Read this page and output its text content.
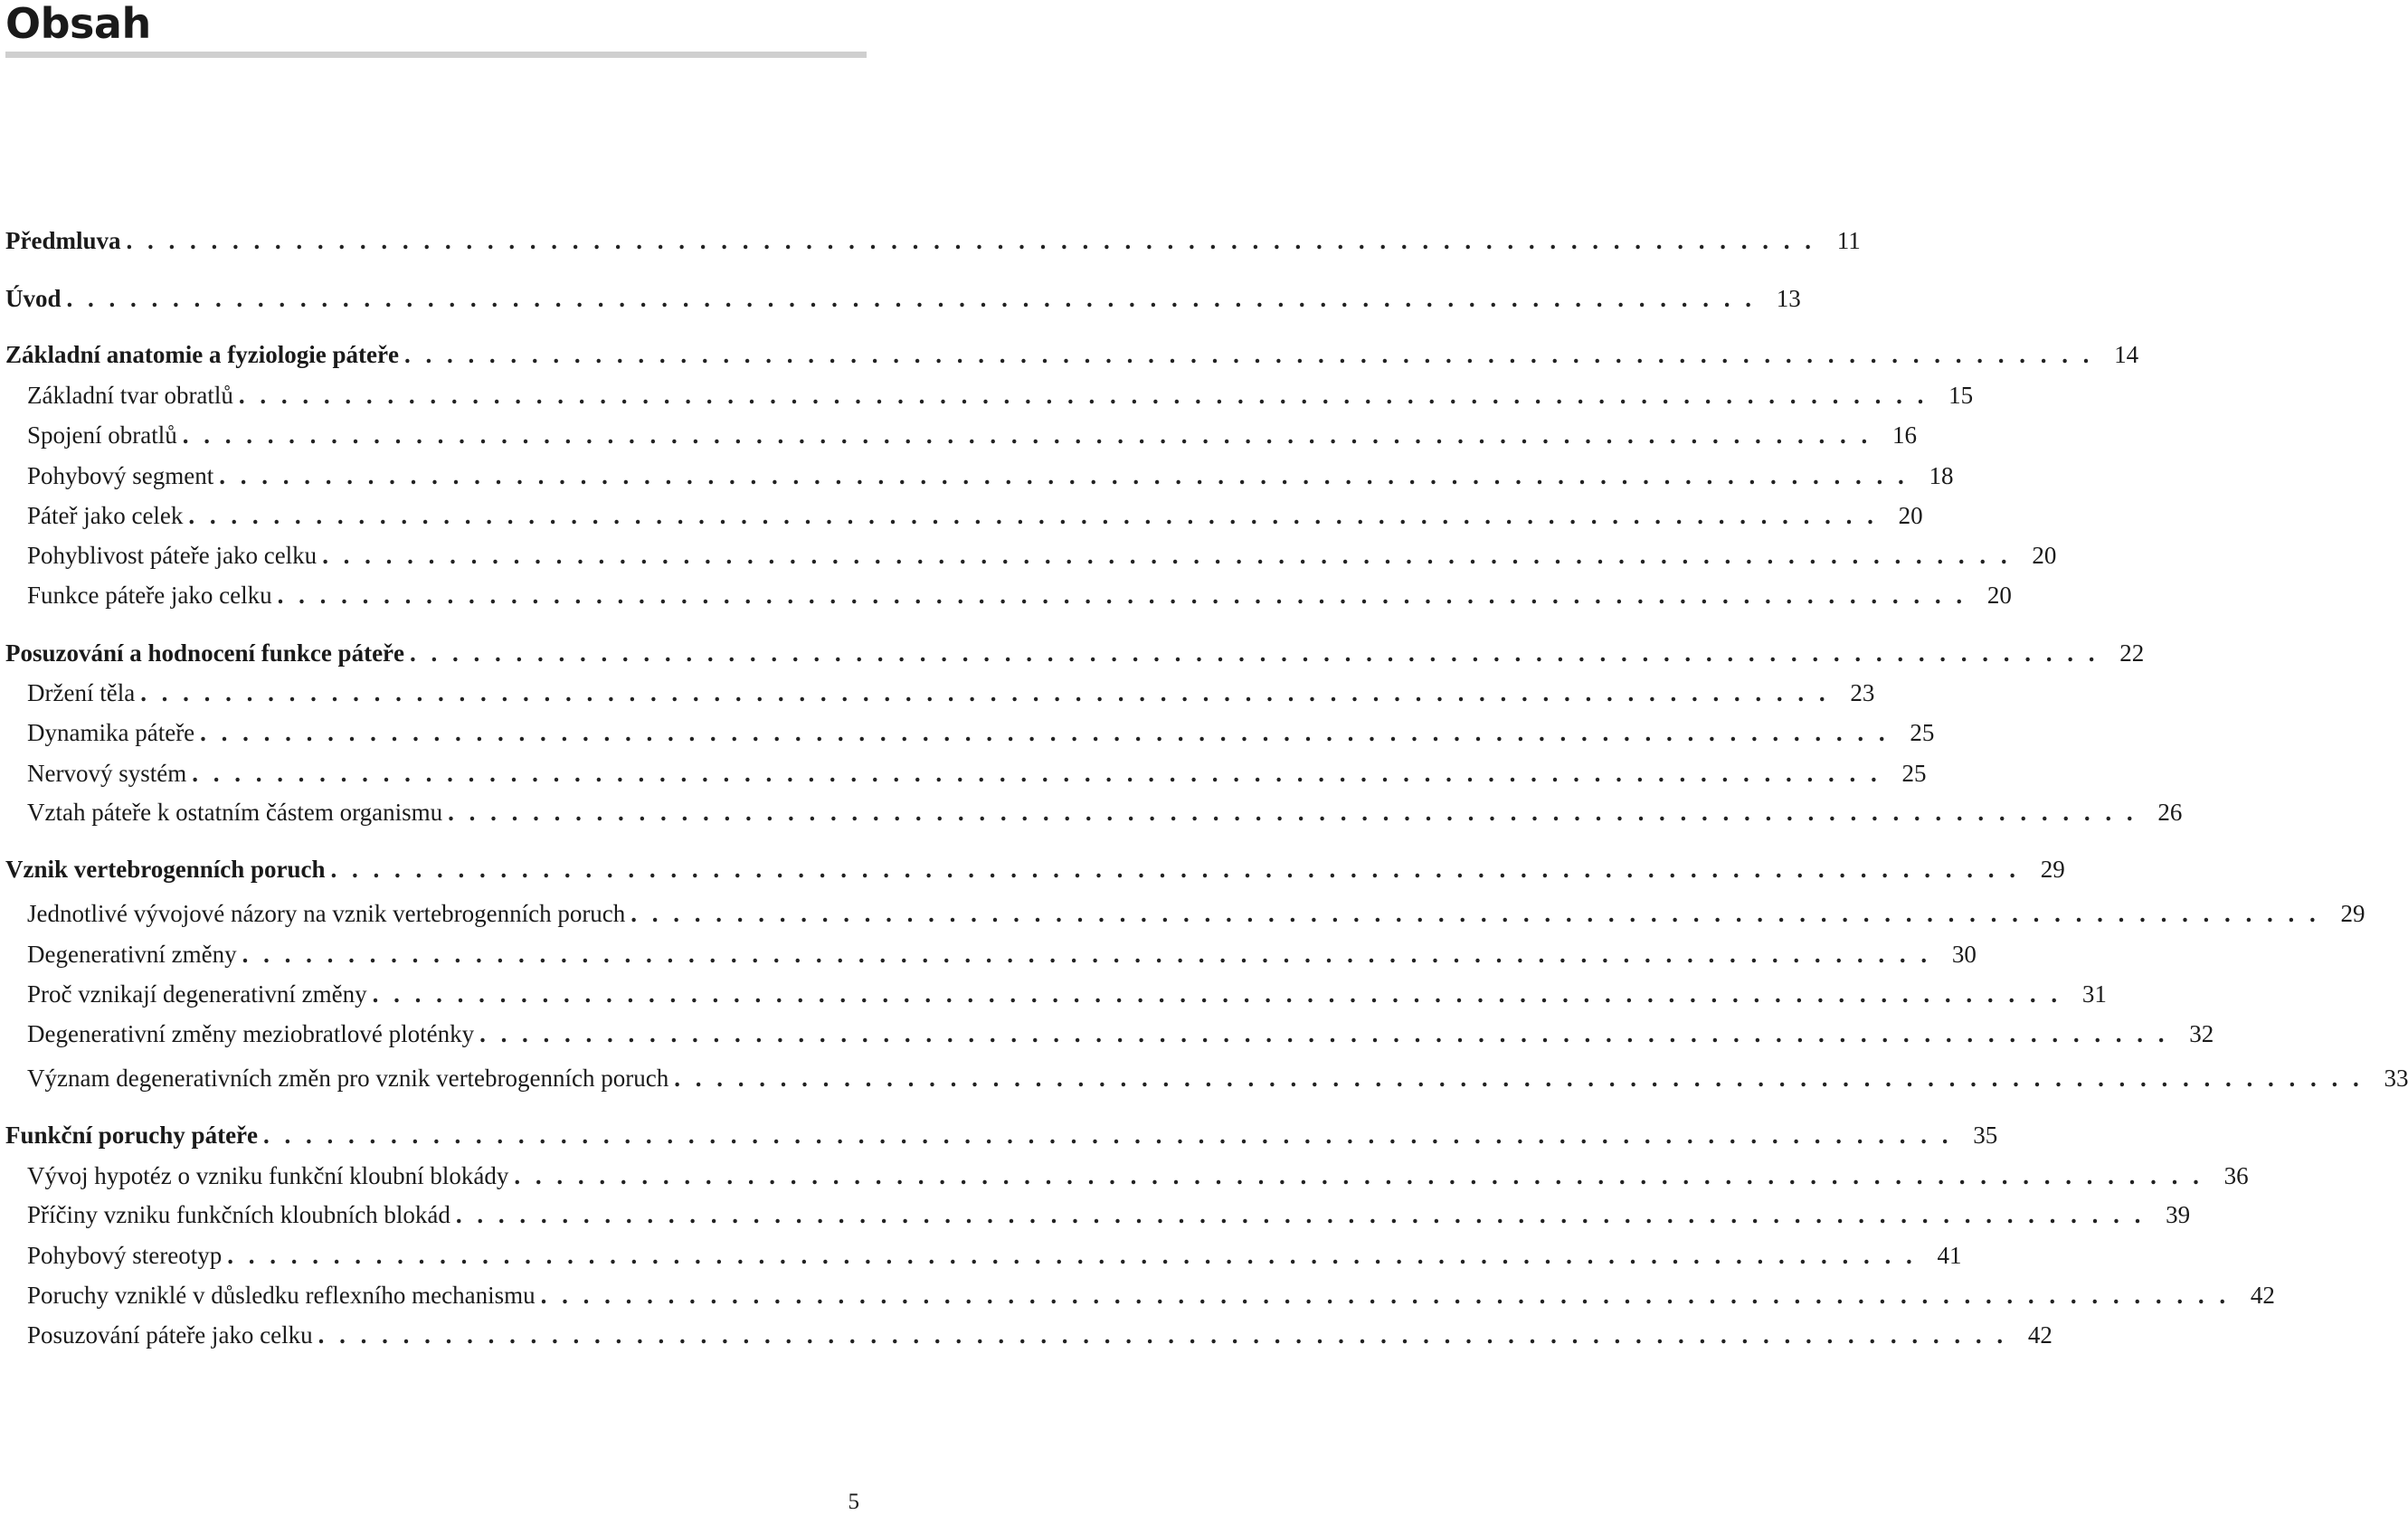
Obsah
Předmluva ................................................................................ 11
Úvod ................................................................................ 13
Základní anatomie a fyziologie páteře ................................................................................ 14
Základní tvar obratlů ................................................................................ 15
Spojení obratlů ................................................................................ 16
Pohybový segment ................................................................................ 18
Páteř jako celek ................................................................................ 20
Pohyblivost páteře jako celku ................................................................................ 20
Funkce páteře jako celku ................................................................................ 20
Posuzování a hodnocení funkce páteře ................................................................................ 22
Držení těla ................................................................................ 23
Dynamika páteře ................................................................................ 25
Nervový systém ................................................................................ 25
Vztah páteře k ostatním částem organismu ................................................................................ 26
Vznik vertebrogenních poruch ................................................................................ 29
Jednotlivé vývojové názory na vznik vertebrogenních poruch ................................................................................ 29
Degenerativní změny ................................................................................ 30
Proč vznikají degenerativní změny ................................................................................ 31
Degenerativní změny meziobratlové ploténky ................................................................................ 32
Význam degenerativních změn pro vznik vertebrogenních poruch ................................................................................ 33
Funkční poruchy páteře ................................................................................ 35
Vývoj hypotéz o vzniku funkční kloubní blokády ................................................................................ 36
Příčiny vzniku funkčních kloubních blokád ................................................................................ 39
Pohybový stereotyp ................................................................................ 41
Poruchy vzniklé v důsledku reflexního mechanismu ................................................................................ 42
Posuzování páteře jako celku ................................................................................ 42
5
